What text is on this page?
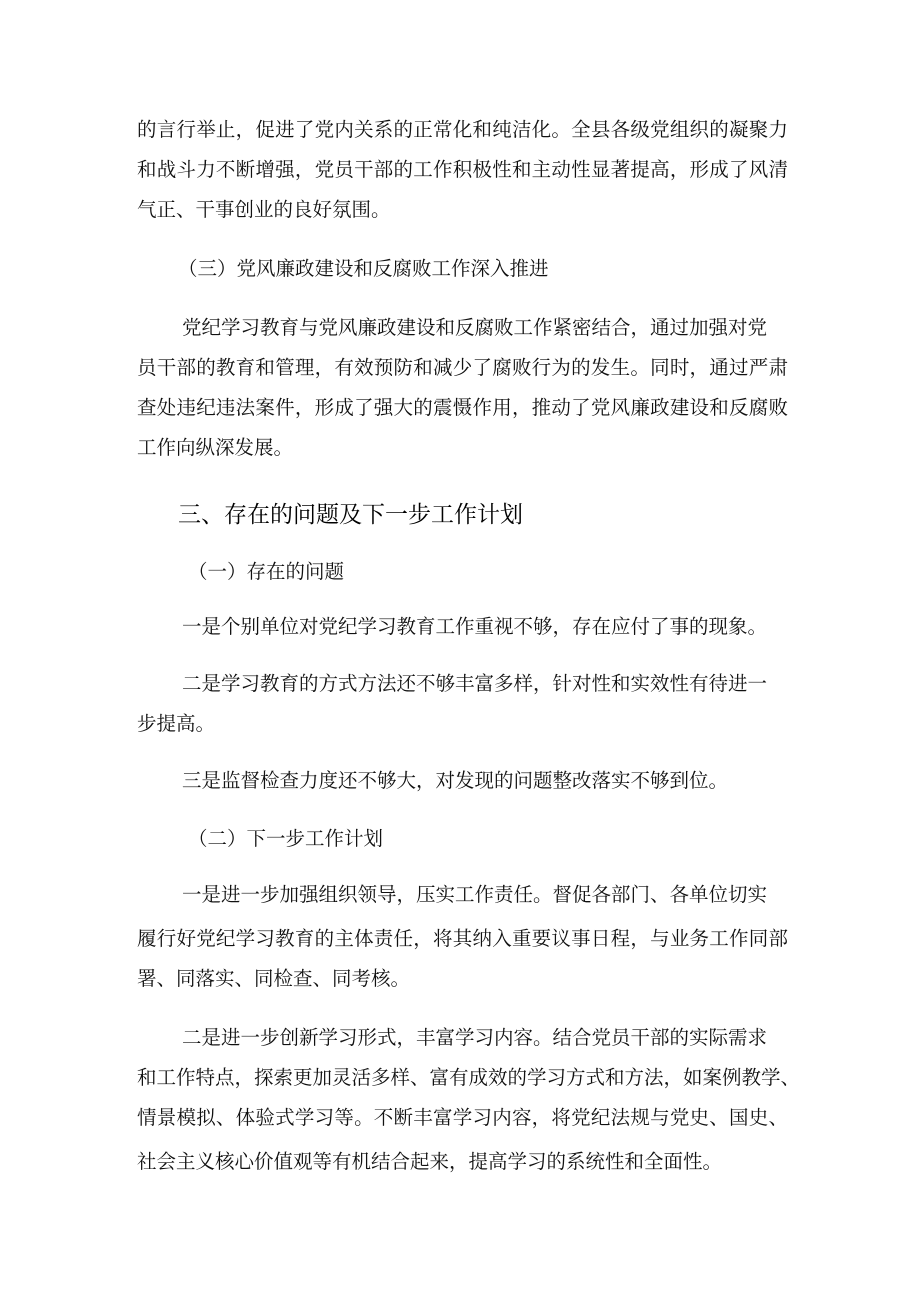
的言行举止，促进了党内关系的正常化和纯洁化。全县各级党组织的凝聚力
和战斗力不断增强，党员干部的工作积极性和主动性显著提高，形成了风清
气正、干事创业的良好氛围。
（三）党风廉政建设和反腐败工作深入推进
党纪学习教育与党风廉政建设和反腐败工作紧密结合，通过加强对党
员干部的教育和管理，有效预防和减少了腐败行为的发生。同时，通过严肃
查处违纪违法案件，形成了强大的震慑作用，推动了党风廉政建设和反腐败
工作向纵深发展。
三、存在的问题及下一步工作计划
（一）存在的问题
一是个别单位对党纪学习教育工作重视不够，存在应付了事的现象。
二是学习教育的方式方法还不够丰富多样，针对性和实效性有待进一
步提高。
三是监督检查力度还不够大，对发现的问题整改落实不够到位。
（二）下一步工作计划
一是进一步加强组织领导，压实工作责任。督促各部门、各单位切实
履行好党纪学习教育的主体责任，将其纳入重要议事日程，与业务工作同部
署、同落实、同检查、同考核。
二是进一步创新学习形式，丰富学习内容。结合党员干部的实际需求
和工作特点，探索更加灵活多样、富有成效的学习方式和方法，如案例教学、
情景模拟、体验式学习等。不断丰富学习内容，将党纪法规与党史、国史、
社会主义核心价值观等有机结合起来，提高学习的系统性和全面性。
